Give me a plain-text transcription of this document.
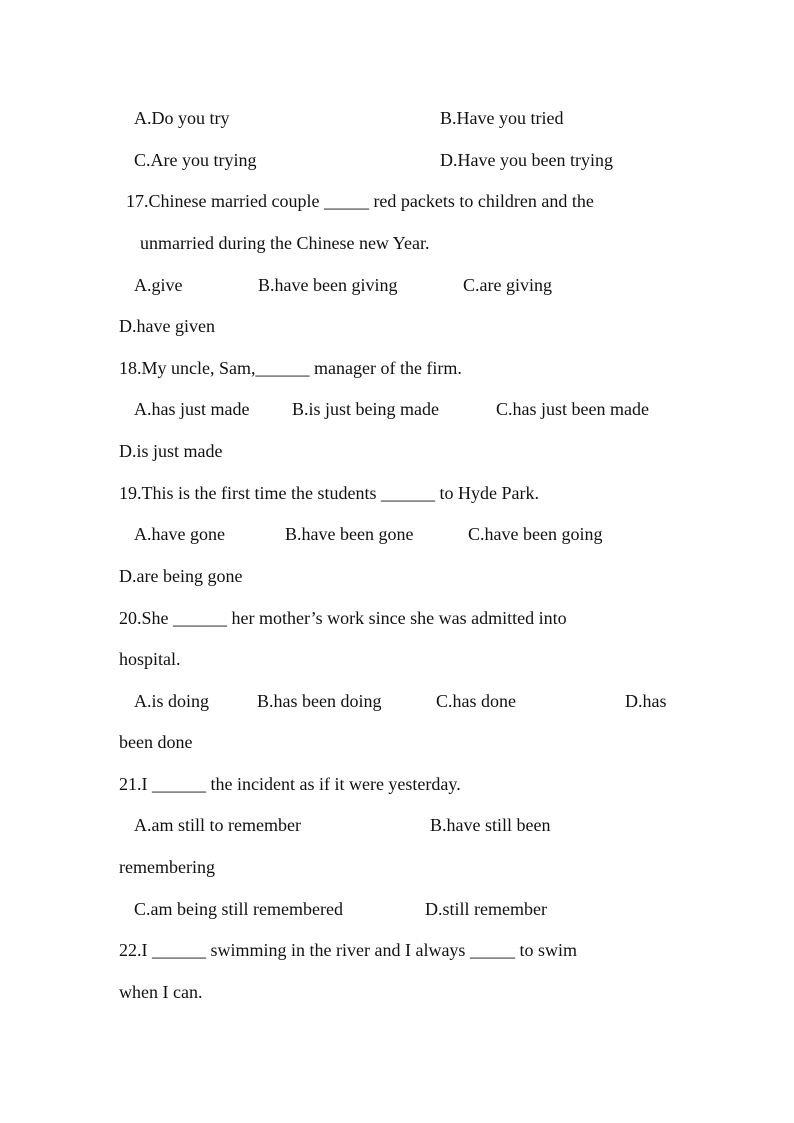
A.Do you try	B.Have you tried
C.Are you trying	D.Have you been trying
17.Chinese married couple _____ red packets to children and the
unmarried during the Chinese new Year.
A.give	B.have been giving	C.are giving
D.have given
18.My uncle, Sam,______ manager of the firm.
A.has just made B.is just being made	C.has just been made
D.is just made
19.This is the first time the students ______ to Hyde Park.
A.have gone	B.have been gone	C.have been going
D.are being gone
20.She ______ her mother’s work since she was admitted into
hospital.
A.is doing	B.has been doing	C.has done	D.has
been done
21.I ______ the incident as if it were yesterday.
A.am still to remember	B.have still been
remembering
C.am being still remembered	D.still remember
22.I ______ swimming in the river and I always _____ to swim
when I can.
